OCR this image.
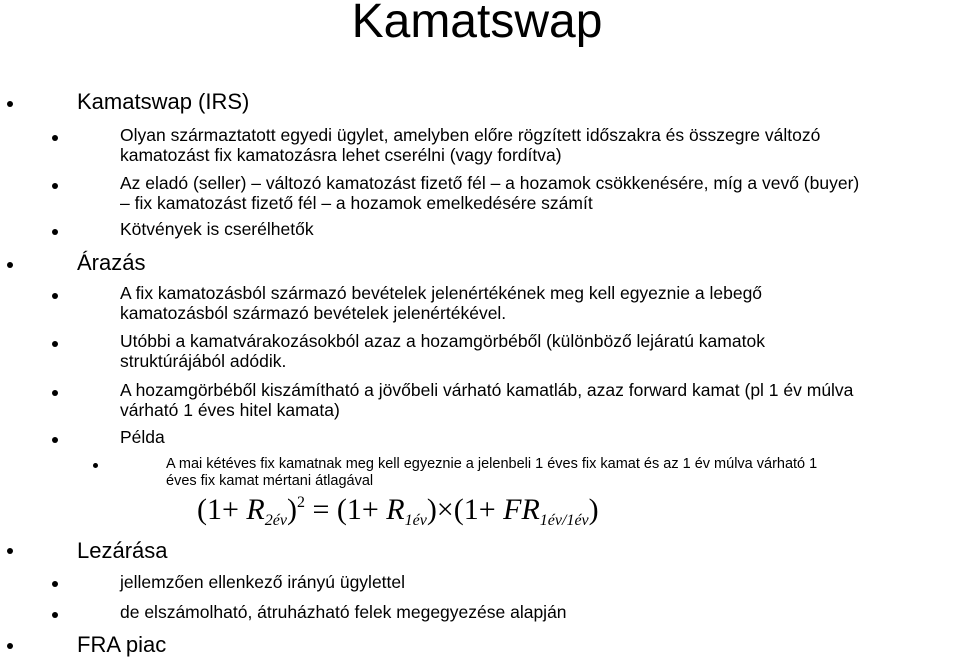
Kamatswap
Kamatswap (IRS)
Olyan származtatott egyedi ügylet, amelyben előre rögzített időszakra és összegre változó
kamatozást fix kamatozásra lehet cserélni (vagy fordítva)
Az eladó (seller) – változó kamatozást fizető fél – a hozamok csökkenésére, míg a vevő (buyer)
– fix kamatozást fizető fél – a hozamok emelkedésére számít
Kötvények is cserélhetők
Árazás
A fix kamatozásból származó bevételek jelenértékének meg kell egyeznie a lebegő
kamatozásból származó bevételek jelenértékével.
Utóbbi a kamatvárakozásokból azaz a hozamgörbéből (különböző lejáratú kamatok
struktúrájából adódik.
A hozamgörbéből kiszámítható a jövőbeli várható kamatláb, azaz forward kamat (pl 1 év múlva
várható 1 éves hitel kamata)
Példa
A mai kétéves fix kamatnak meg kell egyeznie a jelenbeli 1 éves fix kamat és az 1 év múlva várható 1
éves fix kamat mértani átlagával
$(1+ R_{2év})^2 = (1+ R_{1év})\times(1+ FR_{1év/1év})$
Lezárása
jellemzően ellenkező irányú ügylettel
de elszámolható, átruházható felek megegyezése alapján
FRA piac
